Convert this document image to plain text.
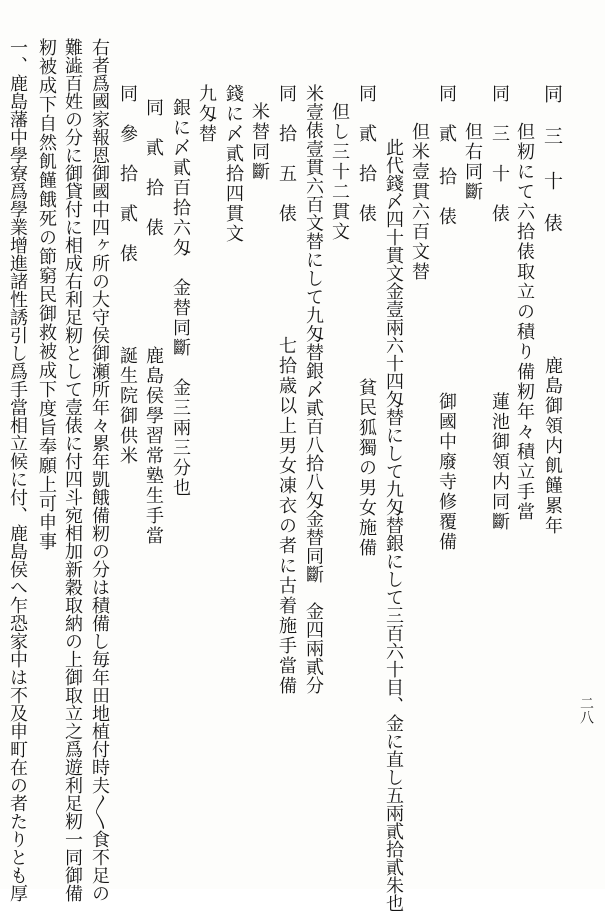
二八
同　三 十　俵
鹿島御領内飢饉累年
但籾にて六拾俵取立の積り備籾年々積立手當
同　三　十　俵
蓮池御領内同斷
但右同斷
同　貳 拾　俵
御國中廢寺修覆備
但米壹貫六百文替
此代錢〆四十貫文金壹兩六十四匁替にして九匁替銀にして三百六十目、金に直し五兩貳拾貳朱也
同　貳　拾　俵
貧民狐獨の男女施備
但し三十二貫文
米壹俵壹貫六百文替にして九匁替銀〆貳百八拾八匁金替同斷　金四兩貳分
同　拾　五　俵
七拾歳以上男女凍衣の者に古着施手當備
米替同斷
錢に〆貳拾四貫文
九匁替
銀に〆貳百拾六匁　金替同斷　金三兩三分也
同　貳　拾　俵
鹿島侯學習常塾生手當
同　參　拾　貳　俵
誕生院御供米
右者爲國家報恩御國中四ヶ所の大守侯御瀬所年々累年凱餓備籾の分は積備し毎年田地植付時夫〳〵食不足の
難澁百姓の分に御貸付に相成右利足籾として壹俵に付四斗宛相加新穀取納の上御取立之爲遊利足籾一同御備
籾被成下自然飢饉餓死の節窮民御救被成下度旨奉願上可申事
一、鹿島藩中學寮爲學業增進諸性誘引し爲手當相立候に付、鹿島侯へ乍恐家中は不及申町在の者たりとも厚
